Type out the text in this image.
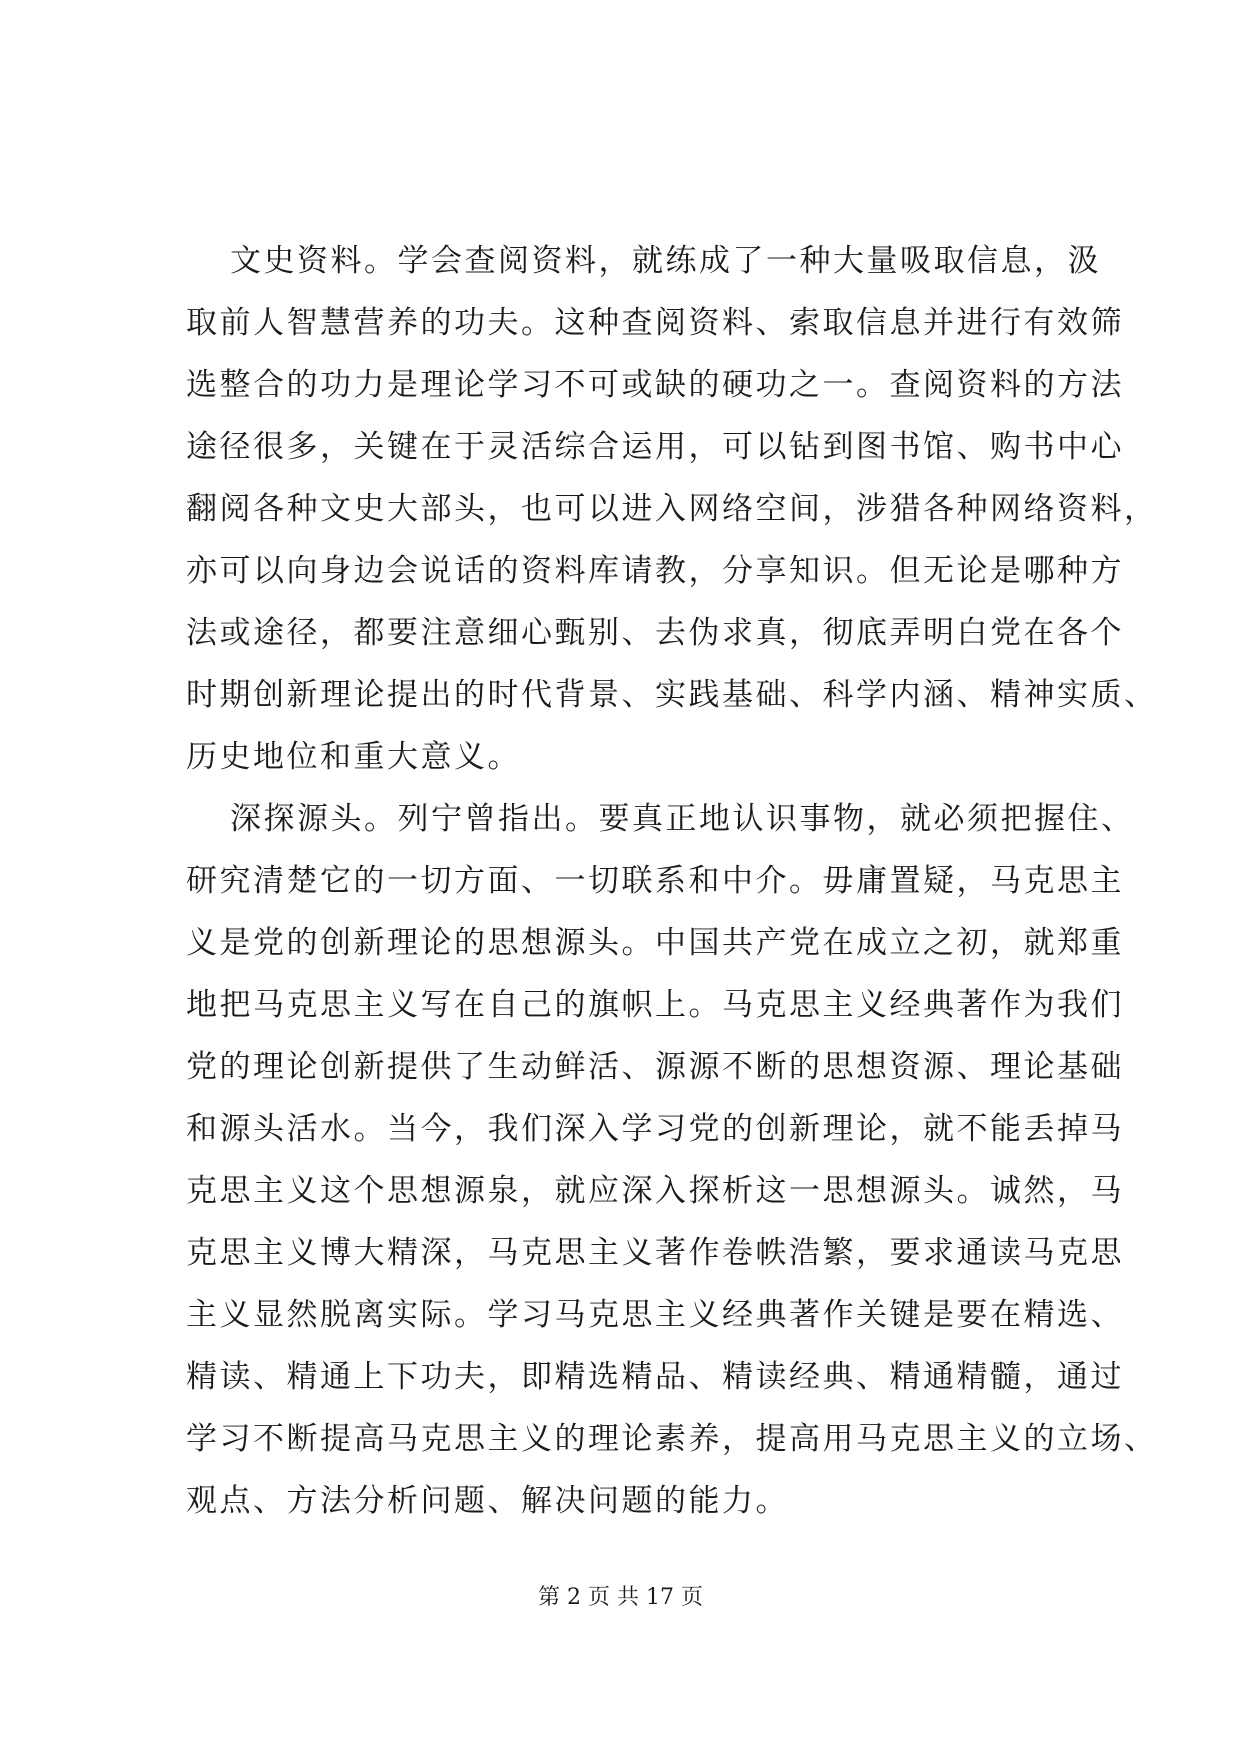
文史资料。学会查阅资料，就练成了一种大量吸取信息，汲
取前人智慧营养的功夫。这种查阅资料、索取信息并进行有效筛
选整合的功力是理论学习不可或缺的硬功之一。查阅资料的方法
途径很多，关键在于灵活综合运用，可以钻到图书馆、购书中心
翻阅各种文史大部头，也可以进入网络空间，涉猎各种网络资料，
亦可以向身边会说话的资料库请教，分享知识。但无论是哪种方
法或途径，都要注意细心甄别、去伪求真，彻底弄明白党在各个
时期创新理论提出的时代背景、实践基础、科学内涵、精神实质、
历史地位和重大意义。
深探源头。列宁曾指出。要真正地认识事物，就必须把握住、
研究清楚它的一切方面、一切联系和中介。毋庸置疑，马克思主
义是党的创新理论的思想源头。中国共产党在成立之初，就郑重
地把马克思主义写在自己的旗帜上。马克思主义经典著作为我们
党的理论创新提供了生动鲜活、源源不断的思想资源、理论基础
和源头活水。当今，我们深入学习党的创新理论，就不能丢掉马
克思主义这个思想源泉，就应深入探析这一思想源头。诚然，马
克思主义博大精深，马克思主义著作卷帙浩繁，要求通读马克思
主义显然脱离实际。学习马克思主义经典著作关键是要在精选、
精读、精通上下功夫，即精选精品、精读经典、精通精髓，通过
学习不断提高马克思主义的理论素养，提高用马克思主义的立场、
观点、方法分析问题、解决问题的能力。
第 2 页 共 17 页
